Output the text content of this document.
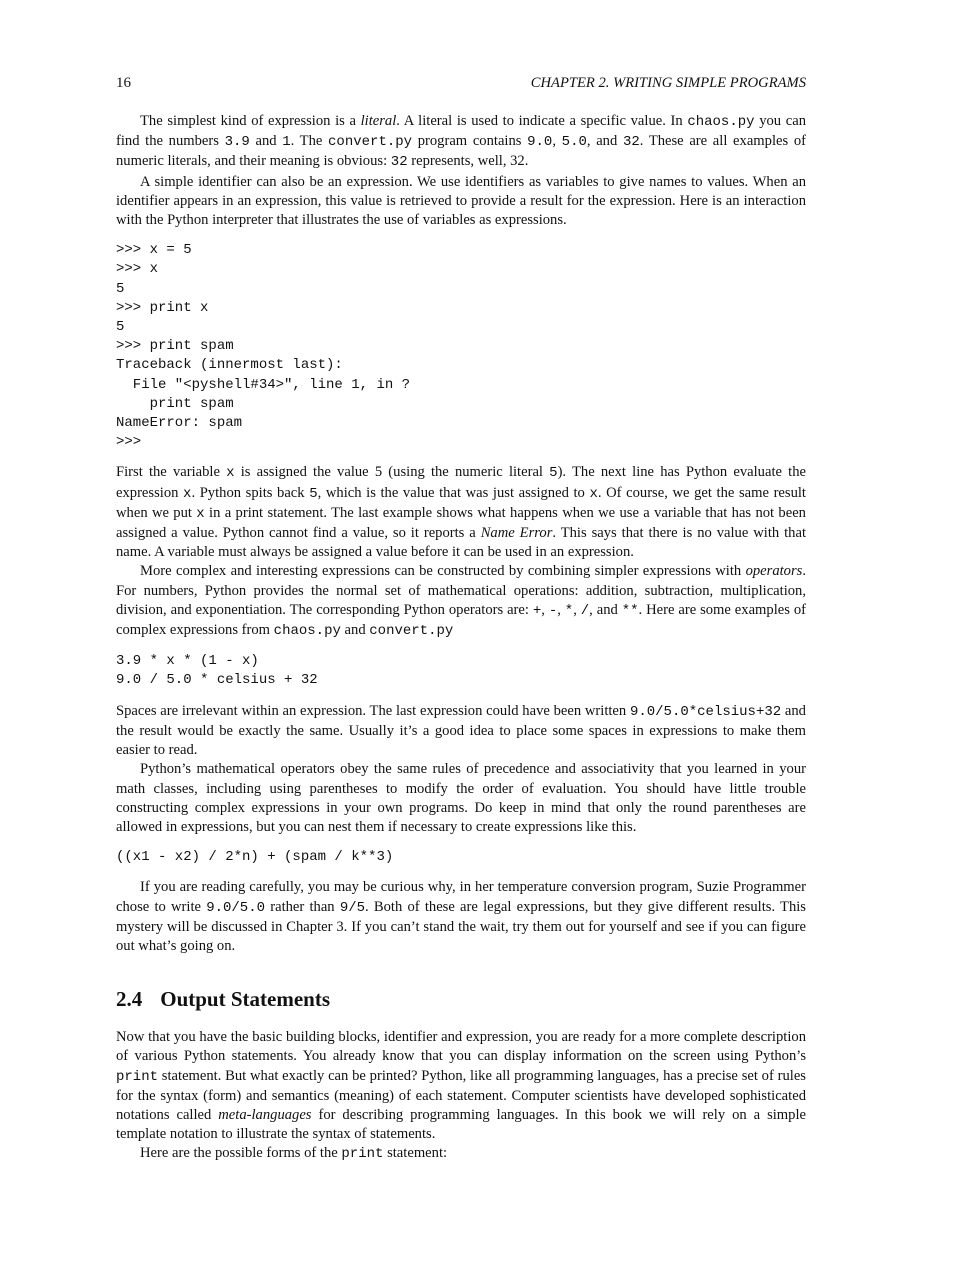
16	CHAPTER 2. WRITING SIMPLE PROGRAMS

The simplest kind of expression is a literal. A literal is used to indicate a specific value. In chaos.py you can find the numbers 3.9 and 1. The convert.py program contains 9.0, 5.0, and 32. These are all examples of numeric literals, and their meaning is obvious: 32 represents, well, 32.

A simple identifier can also be an expression. We use identifiers as variables to give names to values. When an identifier appears in an expression, this value is retrieved to provide a result for the expression. Here is an interaction with the Python interpreter that illustrates the use of variables as expressions.

>>> x = 5
>>> x
5
>>> print x
5
>>> print spam
Traceback (innermost last):
File "<pyshell#34>", line 1, in ?
print spam
NameError: spam
>>>

First the variable x is assigned the value 5 (using the numeric literal 5). The next line has Python evaluate the expression x. Python spits back 5, which is the value that was just assigned to x. Of course, we get the same result when we put x in a print statement. The last example shows what happens when we use a variable that has not been assigned a value. Python cannot find a value, so it reports a Name Error. This says that there is no value with that name. A variable must always be assigned a value before it can be used in an expression.

More complex and interesting expressions can be constructed by combining simpler expressions with operators. For numbers, Python provides the normal set of mathematical operations: addition, subtraction, multiplication, division, and exponentiation. The corresponding Python operators are: +, -, *, /, and **. Here are some examples of complex expressions from chaos.py and convert.py

3.9 * x * (1 - x)
9.0 / 5.0 * celsius + 32

Spaces are irrelevant within an expression. The last expression could have been written 9.0/5.0*celsius+32 and the result would be exactly the same. Usually it’s a good idea to place some spaces in expressions to make them easier to read.

Python’s mathematical operators obey the same rules of precedence and associativity that you learned in your math classes, including using parentheses to modify the order of evaluation. You should have little trouble constructing complex expressions in your own programs. Do keep in mind that only the round parentheses are allowed in expressions, but you can nest them if necessary to create expressions like this.

((x1 - x2) / 2*n) + (spam / k**3)

If you are reading carefully, you may be curious why, in her temperature conversion program, Suzie Programmer chose to write 9.0/5.0 rather than 9/5. Both of these are legal expressions, but they give different results. This mystery will be discussed in Chapter 3. If you can’t stand the wait, try them out for yourself and see if you can figure out what’s going on.

2.4 Output Statements

Now that you have the basic building blocks, identifier and expression, you are ready for a more complete description of various Python statements. You already know that you can display information on the screen using Python’s print statement. But what exactly can be printed? Python, like all programming languages, has a precise set of rules for the syntax (form) and semantics (meaning) of each statement. Computer scientists have developed sophisticated notations called meta-languages for describing programming languages. In this book we will rely on a simple template notation to illustrate the syntax of statements.

Here are the possible forms of the print statement:
